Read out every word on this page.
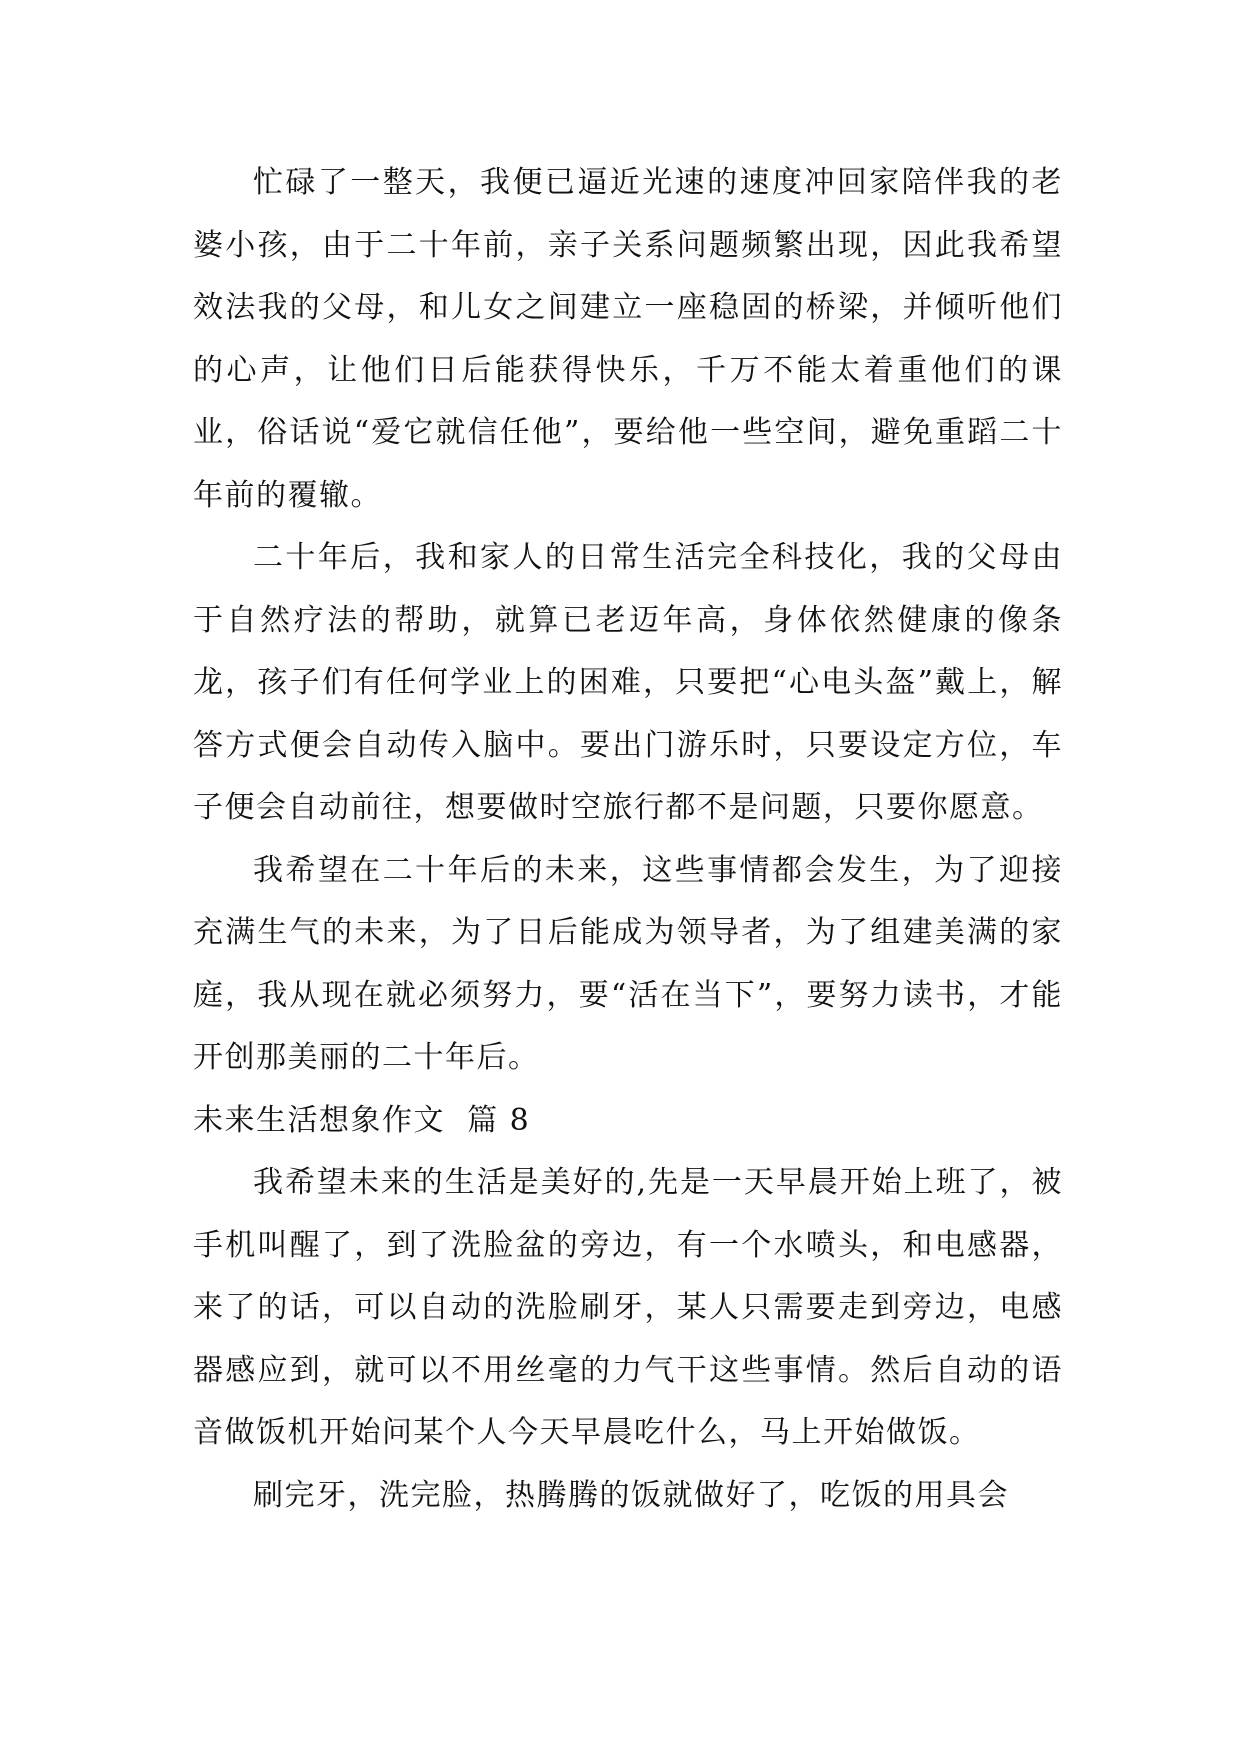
忙碌了一整天，我便已逼近光速的速度冲回家陪伴我的老婆小孩，由于二十年前，亲子关系问题频繁出现，因此我希望效法我的父母，和儿女之间建立一座稳固的桥梁，并倾听他们的心声，让他们日后能获得快乐，千万不能太着重他们的课业，俗话说“爱它就信任他”，要给他一些空间，避免重蹈二十年前的覆辙。

二十年后，我和家人的日常生活完全科技化，我的父母由于自然疗法的帮助，就算已老迈年高，身体依然健康的像条龙，孩子们有任何学业上的困难，只要把“心电头盔”戴上，解答方式便会自动传入脑中。要出门游乐时，只要设定方位，车子便会自动前往，想要做时空旅行都不是问题，只要你愿意。

我希望在二十年后的未来，这些事情都会发生，为了迎接充满生气的未来，为了日后能成为领导者，为了组建美满的家庭，我从现在就必须努力，要“活在当下”，要努力读书，才能开创那美丽的二十年后。

未来生活想象作文  篇 8

我希望未来的生活是美好的,先是一天早晨开始上班了，被手机叫醒了，到了洗脸盆的旁边，有一个水喷头，和电感器，来了的话，可以自动的洗脸刷牙，某人只需要走到旁边，电感器感应到，就可以不用丝毫的力气干这些事情。然后自动的语音做饭机开始问某个人今天早晨吃什么，马上开始做饭。

刷完牙，洗完脸，热腾腾的饭就做好了，吃饭的用具会
